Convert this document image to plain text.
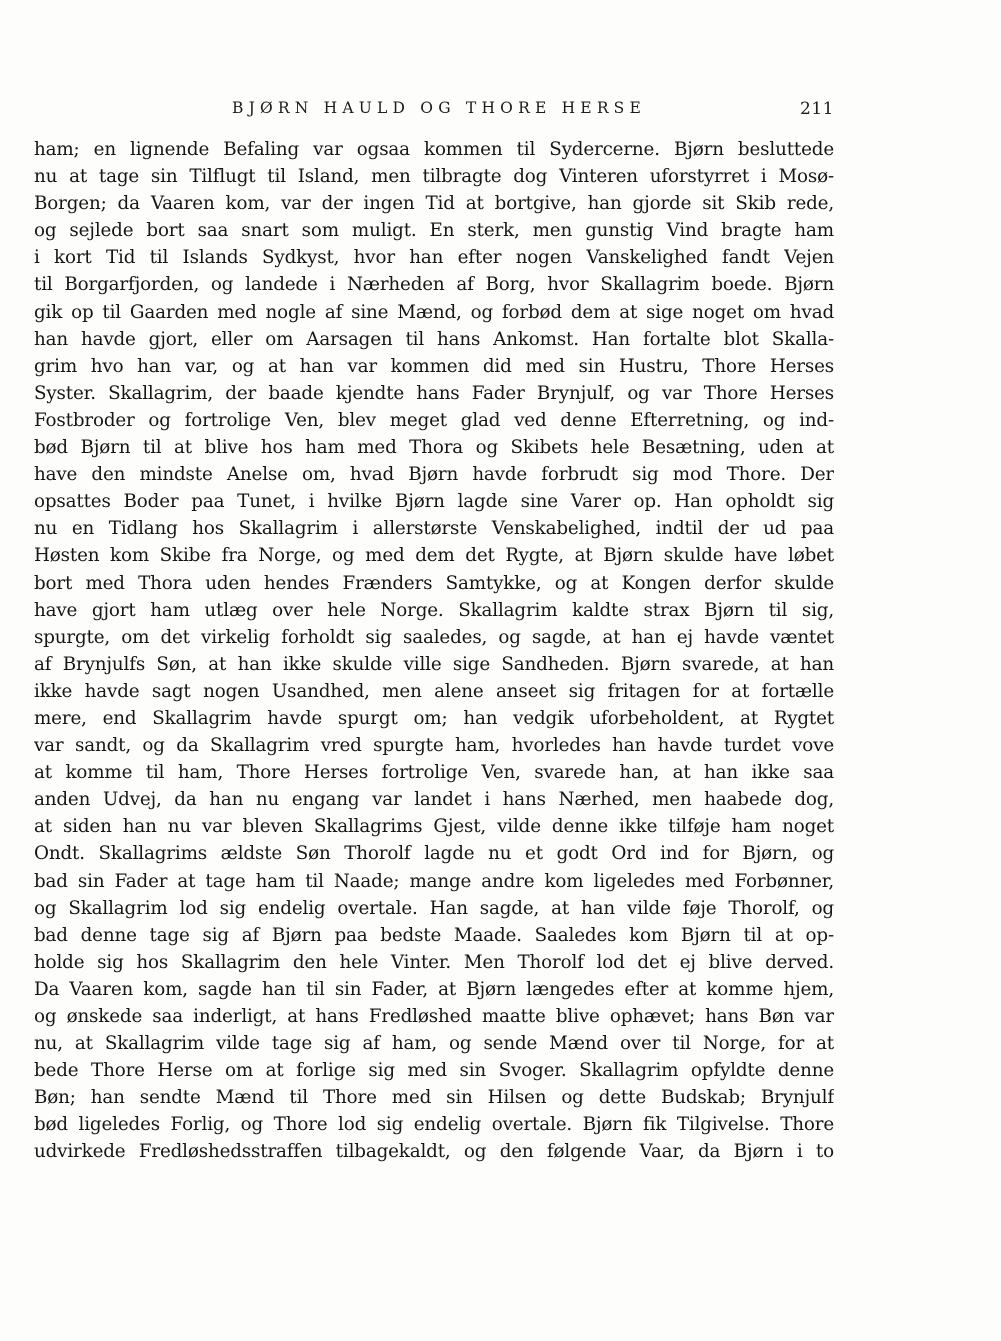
BJØRN HAULD OG THORE HERSE	211
ham; en lignende Befaling var ogsaa kommen til Sydercerne. Bjørn besluttede
nu at tage sin Tilflugt til Island, men tilbragte dog Vinteren uforstyrret i Mosø-
Borgen; da Vaaren kom, var der ingen Tid at bortgive, han gjorde sit Skib rede,
og sejlede bort saa snart som muligt. En sterk, men gunstig Vind bragte ham
i kort Tid til Islands Sydkyst, hvor han efter nogen Vanskelighed fandt Vejen
til Borgarfjorden, og landede i Nærheden af Borg, hvor Skallagrim boede. Bjørn
gik op til Gaarden med nogle af sine Mænd, og forbød dem at sige noget om hvad
han havde gjort, eller om Aarsagen til hans Ankomst. Han fortalte blot Skalla-
grim hvo han var, og at han var kommen did med sin Hustru, Thore Herses
Syster. Skallagrim, der baade kjendte hans Fader Brynjulf, og var Thore Herses
Fostbroder og fortrolige Ven, blev meget glad ved denne Efterretning, og ind-
bød Bjørn til at blive hos ham med Thora og Skibets hele Besætning, uden at
have den mindste Anelse om, hvad Bjørn havde forbrudt sig mod Thore. Der
opsattes Boder paa Tunet, i hvilke Bjørn lagde sine Varer op. Han opholdt sig
nu en Tidlang hos Skallagrim i allerstørste Venskabelighed, indtil der ud paa
Høsten kom Skibe fra Norge, og med dem det Rygte, at Bjørn skulde have løbet
bort med Thora uden hendes Frænders Samtykke, og at Kongen derfor skulde
have gjort ham utlæg over hele Norge. Skallagrim kaldte strax Bjørn til sig,
spurgte, om det virkelig forholdt sig saaledes, og sagde, at han ej havde væntet
af Brynjulfs Søn, at han ikke skulde ville sige Sandheden. Bjørn svarede, at han
ikke havde sagt nogen Usandhed, men alene anseet sig fritagen for at fortælle
mere, end Skallagrim havde spurgt om; han vedgik uforbeholdent, at Rygtet
var sandt, og da Skallagrim vred spurgte ham, hvorledes han havde turdet vove
at komme til ham, Thore Herses fortrolige Ven, svarede han, at han ikke saa
anden Udvej, da han nu engang var landet i hans Nærhed, men haabede dog,
at siden han nu var bleven Skallagrims Gjest, vilde denne ikke tilføje ham noget
Ondt. Skallagrims ældste Søn Thorolf lagde nu et godt Ord ind for Bjørn, og
bad sin Fader at tage ham til Naade; mange andre kom ligeledes med Forbønner,
og Skallagrim lod sig endelig overtale. Han sagde, at han vilde føje Thorolf, og
bad denne tage sig af Bjørn paa bedste Maade. Saaledes kom Bjørn til at op-
holde sig hos Skallagrim den hele Vinter. Men Thorolf lod det ej blive derved.
Da Vaaren kom, sagde han til sin Fader, at Bjørn længedes efter at komme hjem,
og ønskede saa inderligt, at hans Fredløshed maatte blive ophævet; hans Bøn var
nu, at Skallagrim vilde tage sig af ham, og sende Mænd over til Norge, for at
bede Thore Herse om at forlige sig med sin Svoger. Skallagrim opfyldte denne
Bøn; han sendte Mænd til Thore med sin Hilsen og dette Budskab; Brynjulf
bød ligeledes Forlig, og Thore lod sig endelig overtale. Bjørn fik Tilgivelse. Thore
udvirkede Fredløshedsstraffen tilbagekaldt, og den følgende Vaar, da Bjørn i to
